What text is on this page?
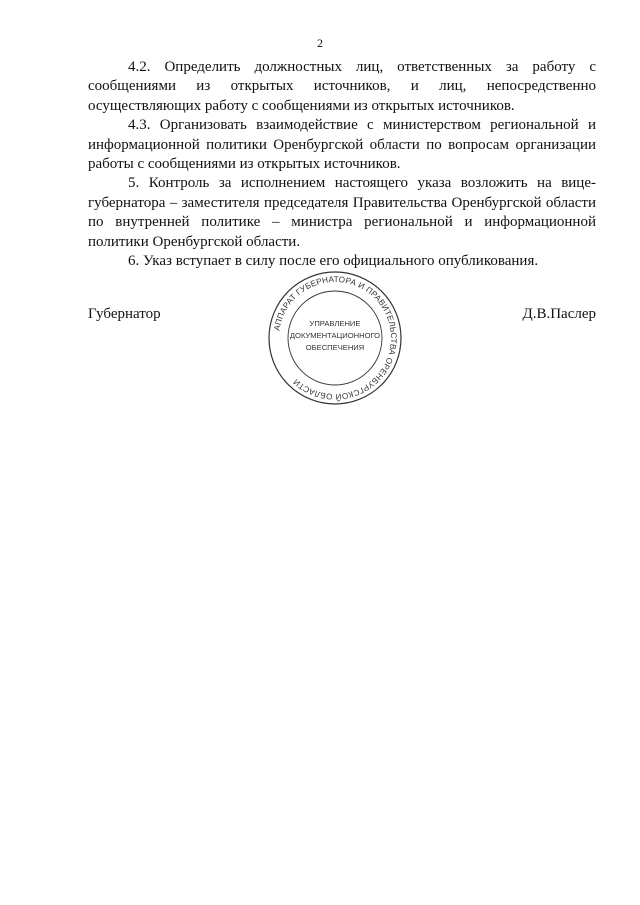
2

4.2. Определить должностных лиц, ответственных за работу с сообщениями из открытых источников, и лиц, непосредственно осуществляющих работу с сообщениями из открытых источников.

4.3. Организовать взаимодействие с министерством региональной и информационной политики Оренбургской области по вопросам организации работы с сообщениями из открытых источников.

5. Контроль за исполнением настоящего указа возложить на вице-губернатора – заместителя председателя Правительства Оренбургской области по внутренней политике – министра региональной и информационной политики Оренбургской области.

6. Указ вступает в силу после его официального опубликования.

Губернатор	Д.В.Паслер
АППАРАТ ГУБЕРНАТОРА И ПРАВИТЕЛЬСТВА ОРЕНБУРГСКОЙ ОБЛАСТИ
УПРАВЛЕНИЕ
ДОКУМЕНТАЦИОННОГО
ОБЕСПЕЧЕНИЯ
